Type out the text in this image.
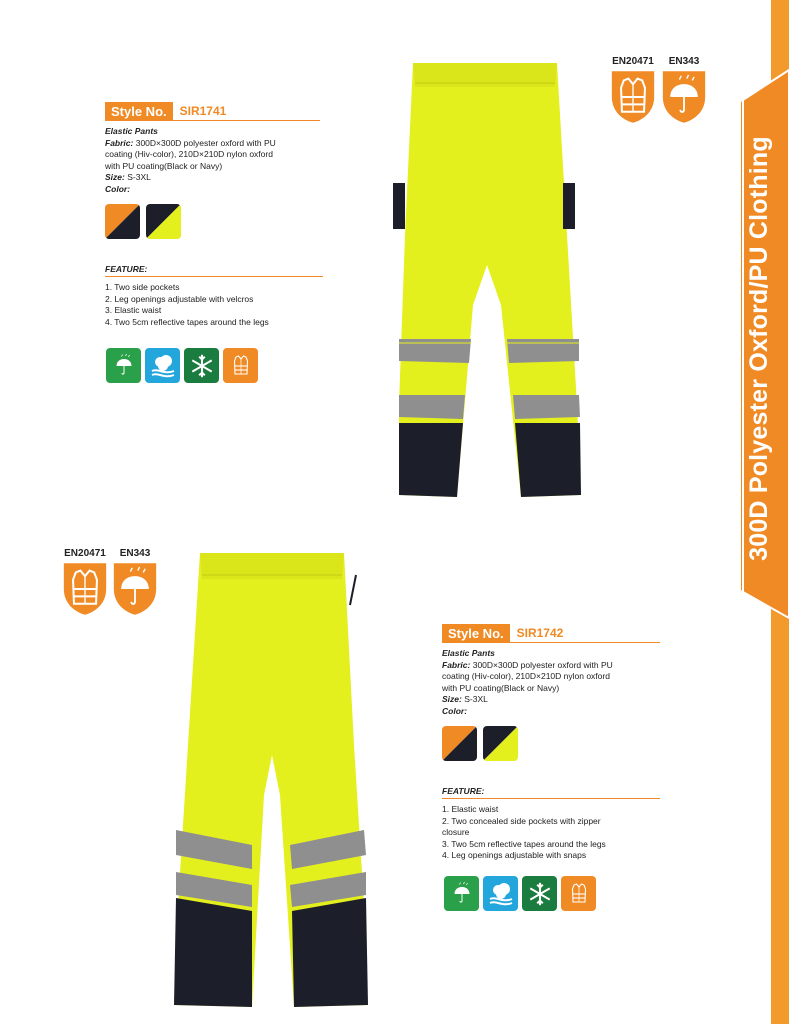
300D Polyester Oxford/PU Clothing
Style No.	SIR1741
Elastic Pants
Fabric: 300D×300D polyester oxford with PU
coating (Hiv-color), 210D×210D nylon oxford
with PU coating(Black or Navy)
Size: S-3XL
Color:
FEATURE:
1. Two side pockets
2. Leg openings adjustable with velcros
3. Elastic waist
4. Two 5cm reflective tapes around the legs
EN20471	EN343
EN20471	EN343
Style No.	SIR1742
Elastic Pants
Fabric: 300D×300D polyester oxford with PU
coating (Hiv-color), 210D×210D nylon oxford
with PU coating(Black or Navy)
Size: S-3XL
Color:
FEATURE:
1. Elastic waist
2. Two concealed side pockets with zipper
closure
3. Two 5cm reflective tapes around the legs
4. Leg openings adjustable with snaps
